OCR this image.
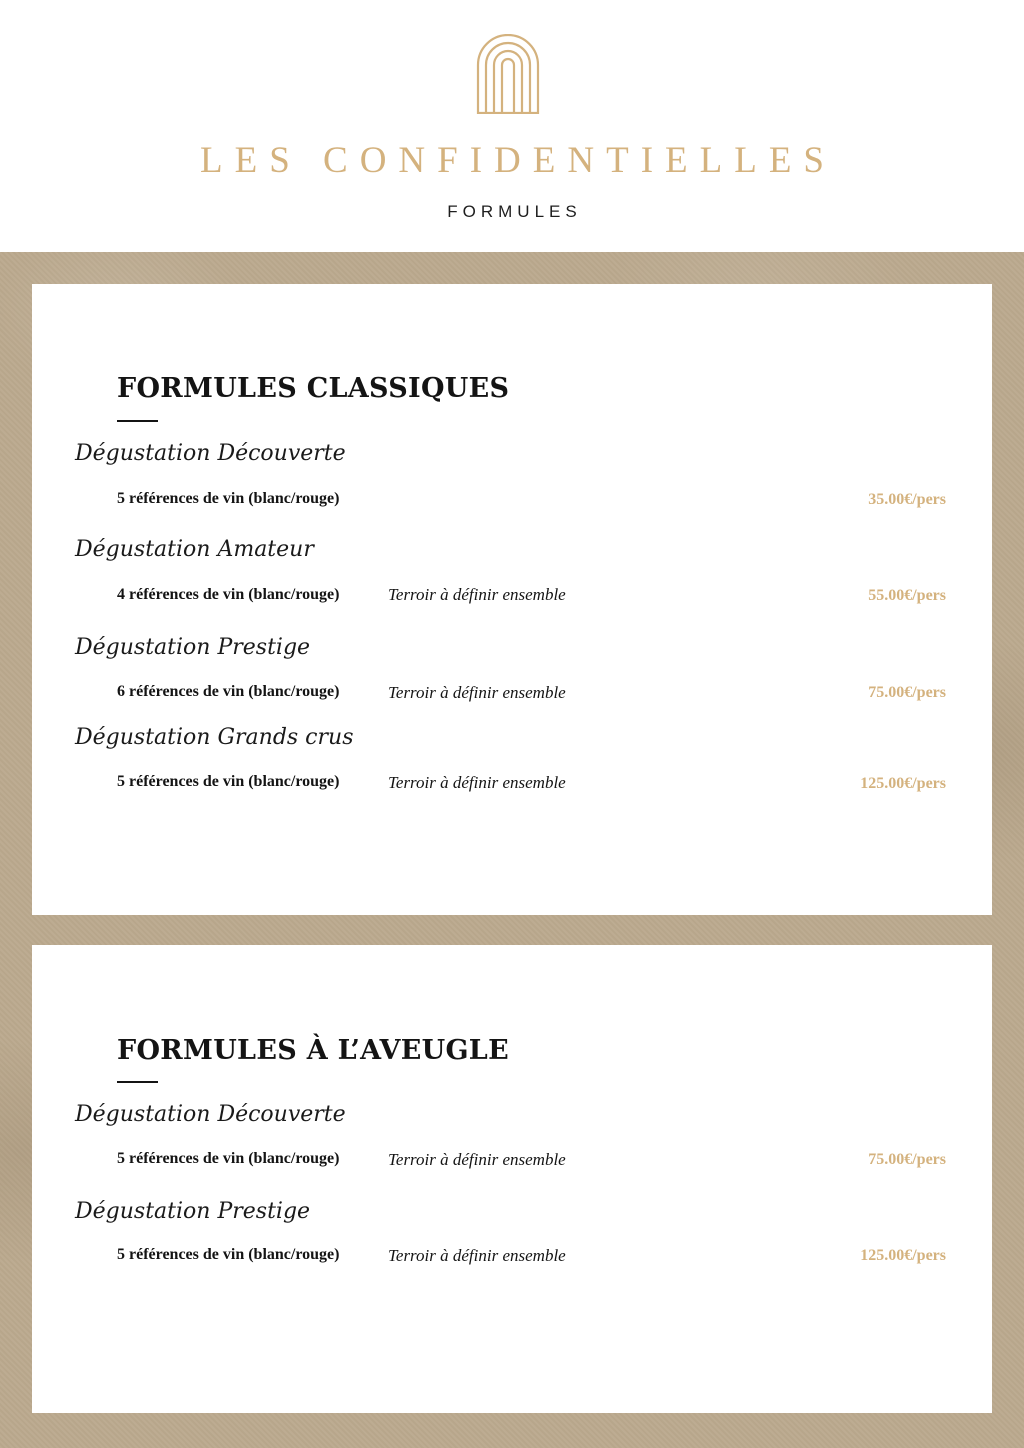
LES CONFIDENTIELLES
FORMULES
FORMULES CLASSIQUES
Dégustation Découverte
5 références de vin (blanc/rouge)	35.00€/pers
Dégustation Amateur
4 références de vin (blanc/rouge)	Terroir à définir ensemble	55.00€/pers
Dégustation Prestige
6 références de vin (blanc/rouge)	Terroir à définir ensemble	75.00€/pers
Dégustation Grands crus
5 références de vin (blanc/rouge)	Terroir à définir ensemble	125.00€/pers
FORMULES À L’AVEUGLE
Dégustation Découverte
5 références de vin (blanc/rouge)	Terroir à définir ensemble	75.00€/pers
Dégustation Prestige
5 références de vin (blanc/rouge)	Terroir à définir ensemble	125.00€/pers
